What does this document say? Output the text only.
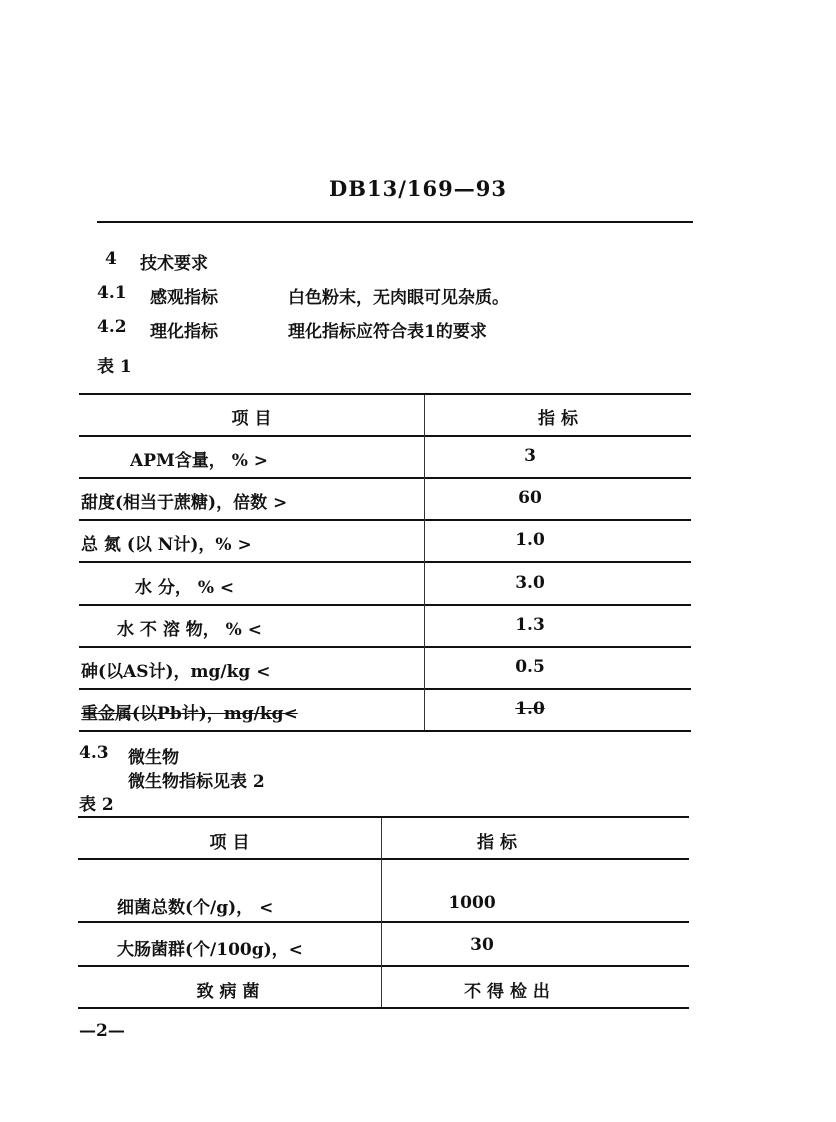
DB13/169—93
4 技术要求
4.1 感观指标	白色粉末，无肉眼可见杂质。
4.2 理化指标	理化指标应符合表1的要求
表 1
项 目	指 标
APM含量， % >	3
甜度(相当于蔗糖)，倍数 >	60
总 氮 (以 N计)，% >	1.0
水 分， % <	3.0
水 不 溶 物， % <	1.3
砷(以AS计)，mg/kg <	0.5
重金属(以Pb计)，mg/kg<	1.0
4.3 微生物
微生物指标见表 2
表 2
项 目	指 标
细菌总数(个/g)， <	1000
大肠菌群(个/100g)，<	30
致 病 菌	不 得 检 出
—2—
